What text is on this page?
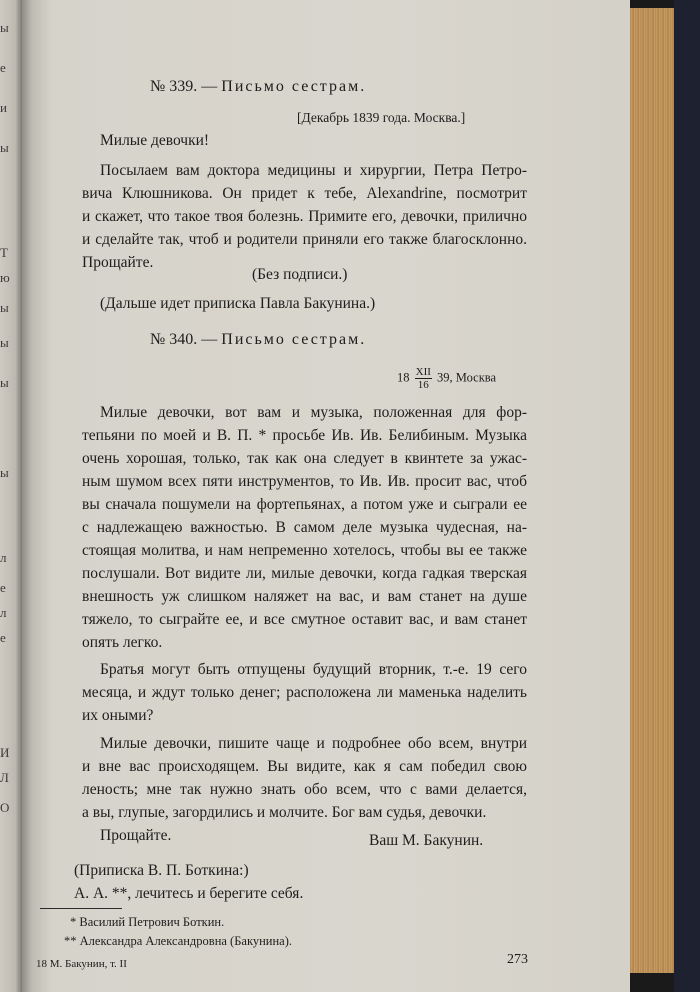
ы
е
и
ы
Т
ю
ы
ы
ы
ы
л
е
л
е
И
Л
О
№ 339. — Письмо сестрам.
[Декабрь 1839 года. Москва.]
Милые девочки!
Посылаем вам доктора медицины и хирургии, Петра Петро-
вича Клюшникова. Он придет к тебе, Alexandrine, посмотрит
и скажет, что такое твоя болезнь. Примите его, девочки, прилично
и сделайте так, чтоб и родители приняли его также благосклонно.
Прощайте.
(Без подписи.)
(Дальше идет приписка Павла Бакунина.)
№ 340. — Письмо сестрам.
$18 \frac{\text{XII}}{16} 39$, Москва
Милые девочки, вот вам и музыка, положенная для фор-
тепьяни по моей и В. П. * просьбе Ив. Ив. Белибиным. Музыка
очень хорошая, только, так как она следует в квинтете за ужас-
ным шумом всех пяти инструментов, то Ив. Ив. просит вас, чтоб
вы сначала пошумели на фортепьянах, а потом уже и сыграли ее
с надлежащею важностью. В самом деле музыка чудесная, на-
стоящая молитва, и нам непременно хотелось, чтобы вы ее также
послушали. Вот видите ли, милые девочки, когда гадкая тверская
внешность уж слишком наляжет на вас, и вам станет на душе
тяжело, то сыграйте ее, и все смутное оставит вас, и вам станет
опять легко.
Братья могут быть отпущены будущий вторник, т.-е. 19 сего
месяца, и ждут только денег; расположена ли маменька наделить
их оными?
Милые девочки, пишите чаще и подробнее обо всем, внутри
и вне вас происходящем. Вы видите, как я сам победил свою
леность; мне так нужно знать обо всем, что с вами делается,
а вы, глупые, загордились и молчите. Бог вам судья, девочки.
Прощайте.	Ваш М. Бакунин.
(Приписка В. П. Боткина:)
А. А. **, лечитесь и берегите себя.
* Василий Петрович Боткин.
** Александра Александровна (Бакунина).
18 М. Бакунин, т. II	273
